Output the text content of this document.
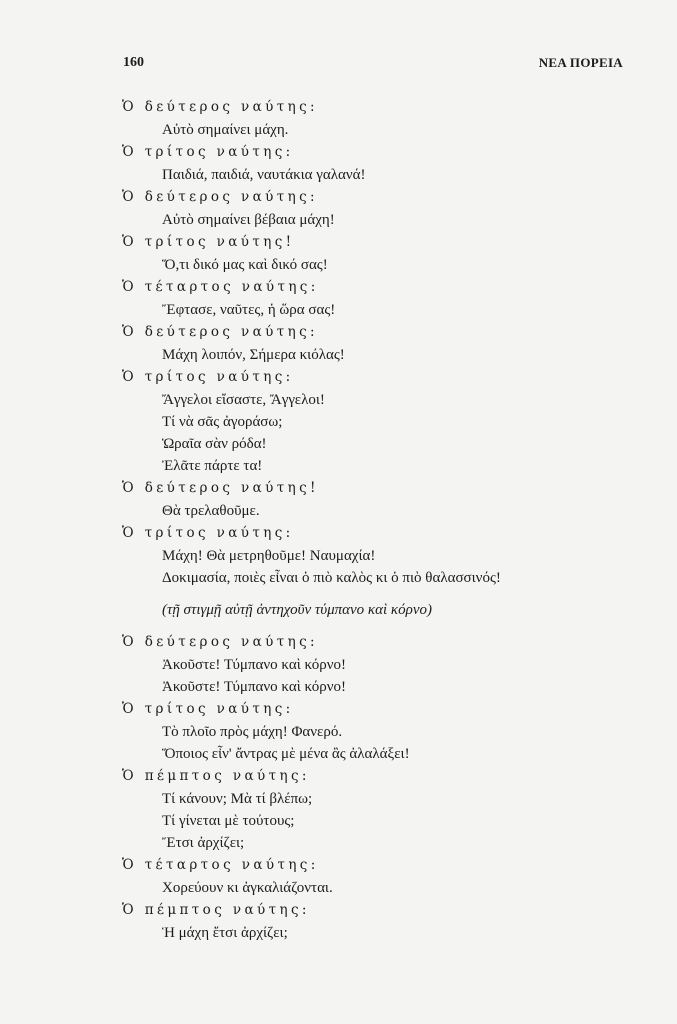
160	ΝΕΑ ΠΟΡΕΙΑ
Ὁ δεύτερος ναύτης:
Αὐτὸ σημαίνει μάχη.
Ὁ τρίτος ναύτης:
Παιδιά, παιδιά, ναυτάκια γαλανά!
Ὁ δεύτερος ναύτης:
Αὐτὸ σημαίνει βέβαια μάχη!
Ὁ τρίτος ναύτης!
Ὅ,τι δικό μας καὶ δικό σας!
Ὁ τέταρτος ναύτης:
Ἔφτασε, ναῦτες, ἡ ὥρα σας!
Ὁ δεύτερος ναύτης:
Μάχη λοιπόν, Σήμερα κιόλας!
Ὁ τρίτος ναύτης:
Ἄγγελοι εἴσαστε, Ἄγγελοι!
Τί νὰ σᾶς ἀγοράσω;
Ὡραῖα σὰν ρόδα!
Ἐλᾶτε πάρτε τα!
Ὁ δεύτερος ναύτης!
Θὰ τρελαθοῦμε.
Ὁ τρίτος ναύτης:
Μάχη! Θὰ μετρηθοῦμε! Ναυμαχία!
Δοκιμασία, ποιὲς εἶναι ὁ πιὸ καλὸς κι ὁ πιὸ θαλασσινός!
(τῇ στιγμῇ αὐτῇ ἀντηχοῦν τύμπανο καὶ κόρνο)
Ὁ δεύτερος ναύτης:
Ἀκοῦστε! Τύμπανο καὶ κόρνο!
Ἀκοῦστε! Τύμπανο καὶ κόρνο!
Ὁ τρίτος ναύτης:
Τὸ πλοῖο πρὸς μάχη! Φανερό.
Ὅποιος εἶν' ἄντρας μὲ μένα ἂς ἀλαλάξει!
Ὁ πέμπτος ναύτης:
Τί κάνουν; Μὰ τί βλέπω;
Τί γίνεται μὲ τούτους;
Ἔτσι ἀρχίζει;
Ὁ τέταρτος ναύτης:
Χορεύουν κι ἀγκαλιάζονται.
Ὁ πέμπτος ναύτης:
Ἡ μάχη ἔτσι ἀρχίζει;
